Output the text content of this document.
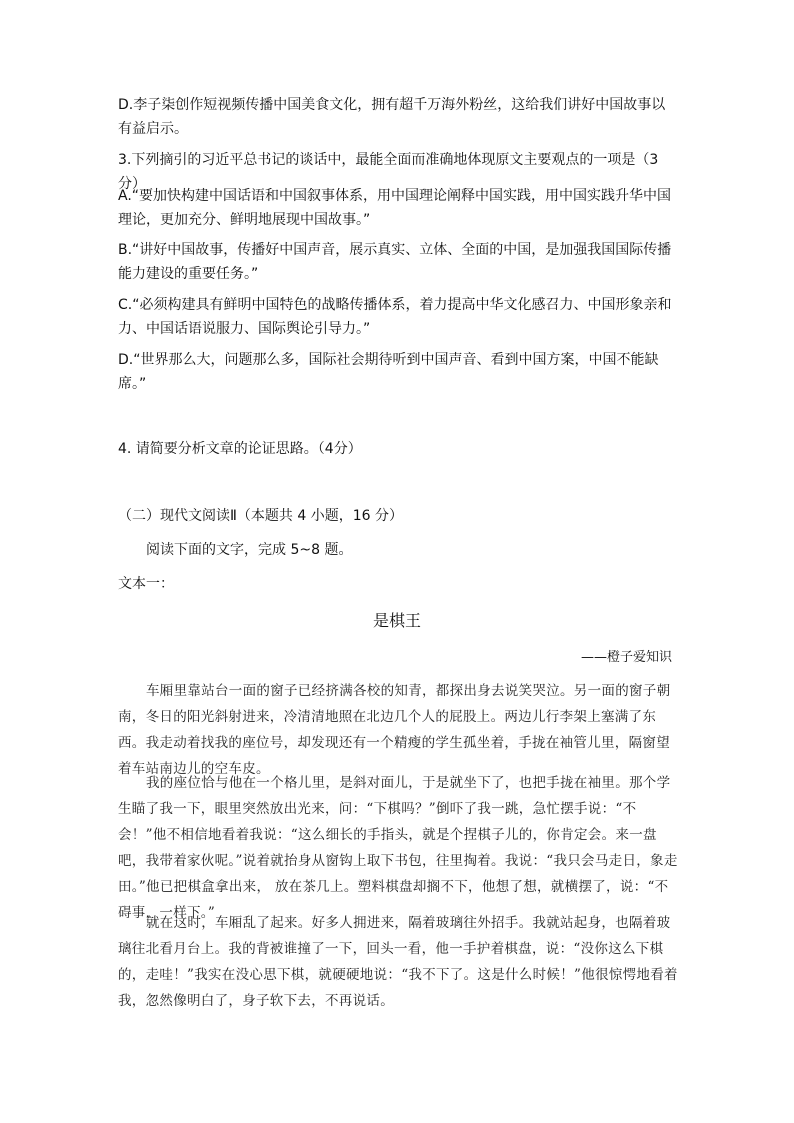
D.李子柒创作短视频传播中国美食文化，拥有超千万海外粉丝，这给我们讲好中国故事以有益启示。
3.下列摘引的习近平总书记的谈话中，最能全面而准确地体现原文主要观点的一项是（3分）
A.“要加快构建中国话语和中国叙事体系，用中国理论阐释中国实践，用中国实践升华中国理论，更加充分、鲜明地展现中国故事。”
B.“讲好中国故事，传播好中国声音，展示真实、立体、全面的中国，是加强我国国际传播能力建设的重要任务。”
C.“必须构建具有鲜明中国特色的战略传播体系，着力提高中华文化感召力、中国形象亲和力、中国话语说服力、国际舆论引导力。”
D.“世界那么大，问题那么多，国际社会期待听到中国声音、看到中国方案，中国不能缺席。”
4. 请简要分析文章的论证思路。（4分）
（二）现代文阅读Ⅱ（本题共 4 小题，16 分）
阅读下面的文字，完成 5~8 题。
文本一：
是棋王
——橙子爱知识
车厢里靠站台一面的窗子已经挤满各校的知青，都探出身去说笑哭泣。另一面的窗子朝南，冬日的阳光斜射进来，冷清清地照在北边几个人的屁股上。两边儿行李架上塞满了东西。我走动着找我的座位号，却发现还有一个精瘦的学生孤坐着，手拢在袖管儿里，隔窗望着车站南边儿的空车皮。
我的座位恰与他在一个格儿里，是斜对面儿，于是就坐下了，也把手拢在袖里。那个学生瞄了我一下，眼里突然放出光来，问：“下棋吗？”倒吓了我一跳，急忙摆手说：“不会！”他不相信地看着我说：“这么细长的手指头，就是个捏棋子儿的，你肯定会。来一盘吧，我带着家伙呢。”说着就抬身从窗钩上取下书包，往里掏着。我说：“我只会马走日，象走田。”他已把棋盒拿出来， 放在茶几上。塑料棋盘却搁不下，他想了想，就横摆了，说：“不碍事，一样下。”
就在这时，车厢乱了起来。好多人拥进来，隔着玻璃往外招手。我就站起身，也隔着玻璃往北看月台上。我的背被谁撞了一下，回头一看，他一手护着棋盘，说：“没你这么下棋的，走哇！”我实在没心思下棋，就硬硬地说：“我不下了。这是什么时候！”他很惊愕地看着我，忽然像明白了，身子软下去，不再说话。
